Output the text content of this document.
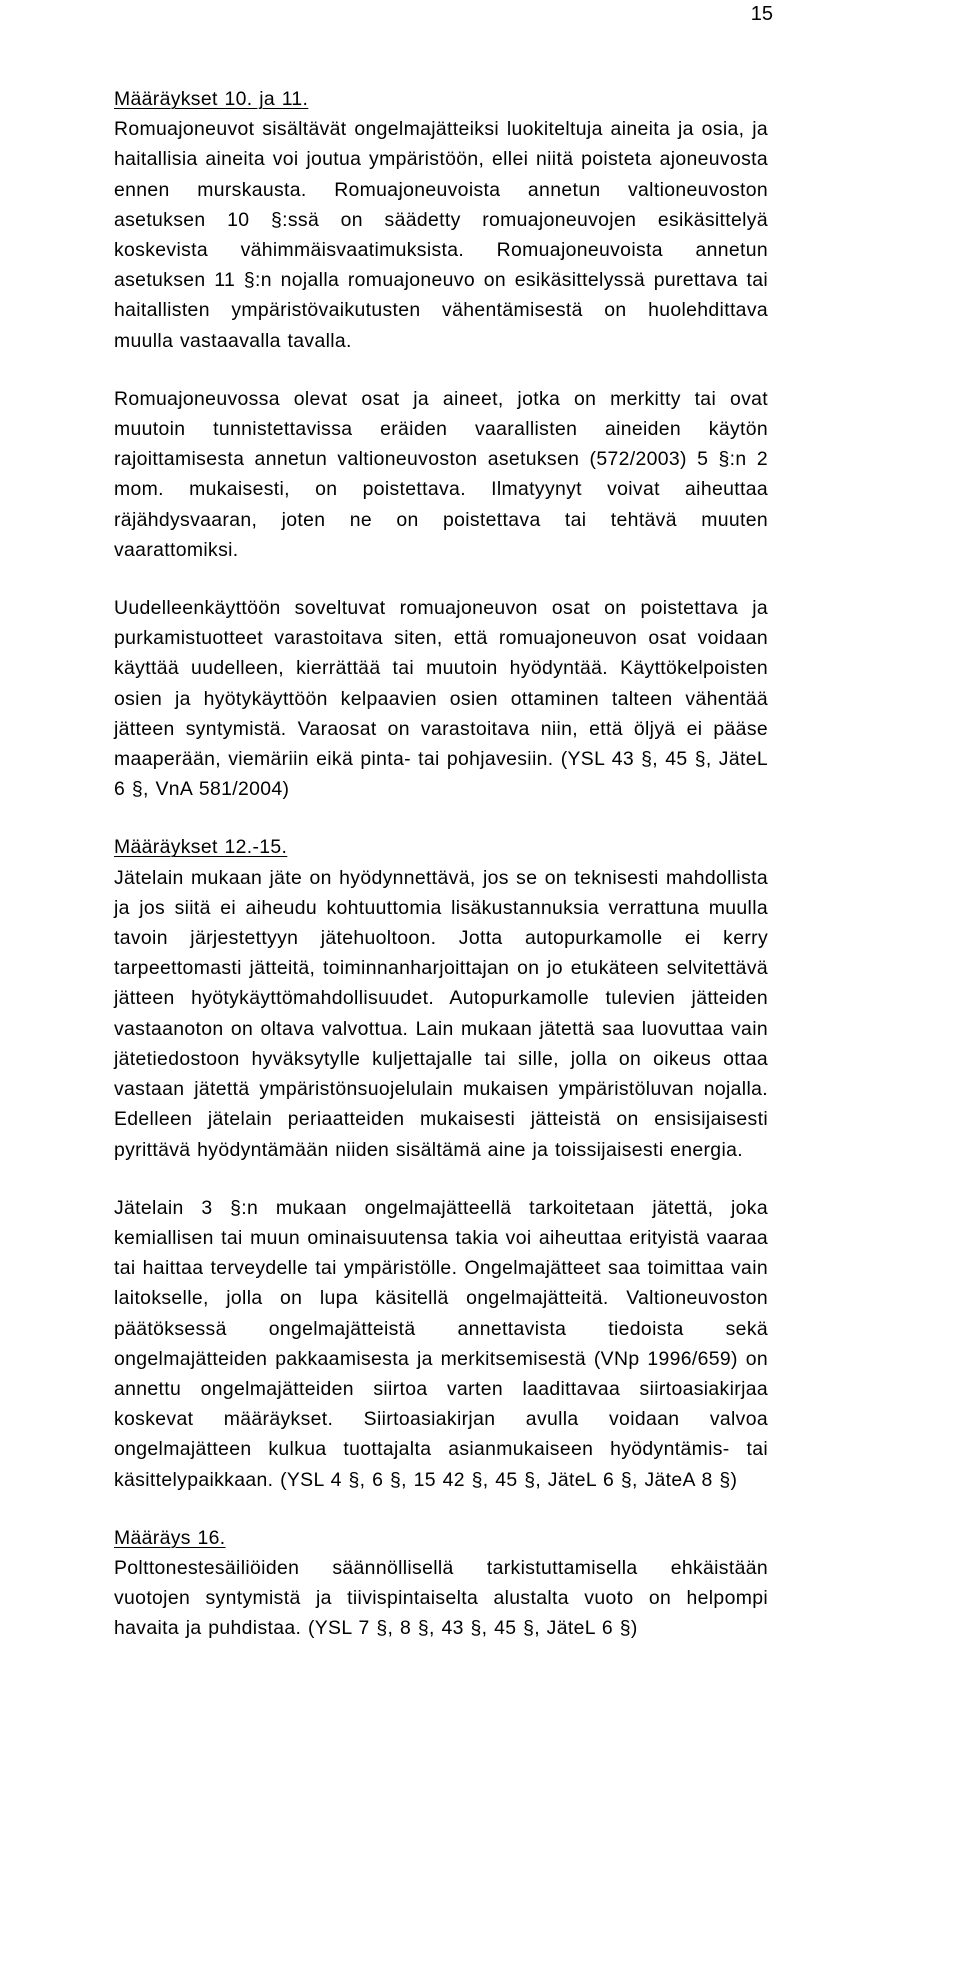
15
Määräykset 10. ja 11.

Romuajoneuvot sisältävät ongelmajätteiksi luokiteltuja aineita ja osia, ja haitallisia aineita voi joutua ympäristöön, ellei niitä poisteta ajoneuvosta ennen murskausta. Romuajoneuvoista annetun valtioneuvoston asetuksen 10 §:ssä on säädetty romuajoneuvojen esikäsittelyä koskevista vähimmäisvaatimuksista. Romuajoneuvoista annetun asetuksen 11 §:n nojalla romuajoneuvo on esikäsittelyssä purettava tai haitallisten ympäristövaikutusten vähentämisestä on huolehdittava muulla vastaavalla tavalla.

Romuajoneuvossa olevat osat ja aineet, jotka on merkitty tai ovat muutoin tunnistettavissa eräiden vaarallisten aineiden käytön rajoittamisesta annetun valtioneuvoston asetuksen (572/2003) 5 §:n 2 mom. mukaisesti, on poistettava. Ilmatyynyt voivat aiheuttaa räjähdysvaaran, joten ne on poistettava tai tehtävä muuten vaarattomiksi.

Uudelleenkäyttöön soveltuvat romuajoneuvon osat on poistettava ja purkamistuotteet varastoitava siten, että romuajoneuvon osat voidaan käyttää uudelleen, kierrättää tai muutoin hyödyntää. Käyttökelpoisten osien ja hyötykäyttöön kelpaavien osien ottaminen talteen vähentää jätteen syntymistä. Varaosat on varastoitava niin, että öljyä ei pääse maaperään, viemäriin eikä pinta- tai pohjavesiin. (YSL 43 §, 45 §, JäteL 6 §, VnA 581/2004)

Määräykset 12.-15.

Jätelain mukaan jäte on hyödynnettävä, jos se on teknisesti mahdollista ja jos siitä ei aiheudu kohtuuttomia lisäkustannuksia verrattuna muulla tavoin järjestettyyn jätehuoltoon. Jotta autopurkamolle ei kerry tarpeettomasti jätteitä, toiminnanharjoittajan on jo etukäteen selvitettävä jätteen hyötykäyttömahdollisuudet. Autopurkamolle tulevien jätteiden vastaanoton on oltava valvottua. Lain mukaan jätettä saa luovuttaa vain jätetiedostoon hyväksytylle kuljettajalle tai sille, jolla on oikeus ottaa vastaan jätettä ympäristönsuojelulain mukaisen ympäristöluvan nojalla. Edelleen jätelain periaatteiden mukaisesti jätteistä on ensisijaisesti pyrittävä hyödyntämään niiden sisältämä aine ja toissijaisesti energia.

Jätelain 3 §:n mukaan ongelmajätteellä tarkoitetaan jätettä, joka kemiallisen tai muun ominaisuutensa takia voi aiheuttaa erityistä vaaraa tai haittaa terveydelle tai ympäristölle. Ongelmajätteet saa toimittaa vain laitokselle, jolla on lupa käsitellä ongelmajätteitä. Valtioneuvoston päätöksessä ongelmajätteistä annettavista tiedoista sekä ongelmajätteiden pakkaamisesta ja merkitsemisestä (VNp 1996/659) on annettu ongelmajätteiden siirtoa varten laadittavaa siirtoasiakirjaa koskevat määräykset. Siirtoasiakirjan avulla voidaan valvoa ongelmajätteen kulkua tuottajalta asianmukaiseen hyödyntämis- tai käsittelypaikkaan. (YSL 4 §, 6 §, 15 42 §, 45 §, JäteL 6 §, JäteA 8 §)

Määräys 16.

Polttonestesäiliöiden säännöllisellä tarkistuttamisella ehkäistään vuotojen syntymistä ja tiivispintaiselta alustalta vuoto on helpompi havaita ja puhdistaa. (YSL 7 §, 8 §, 43 §, 45 §, JäteL 6 §)
